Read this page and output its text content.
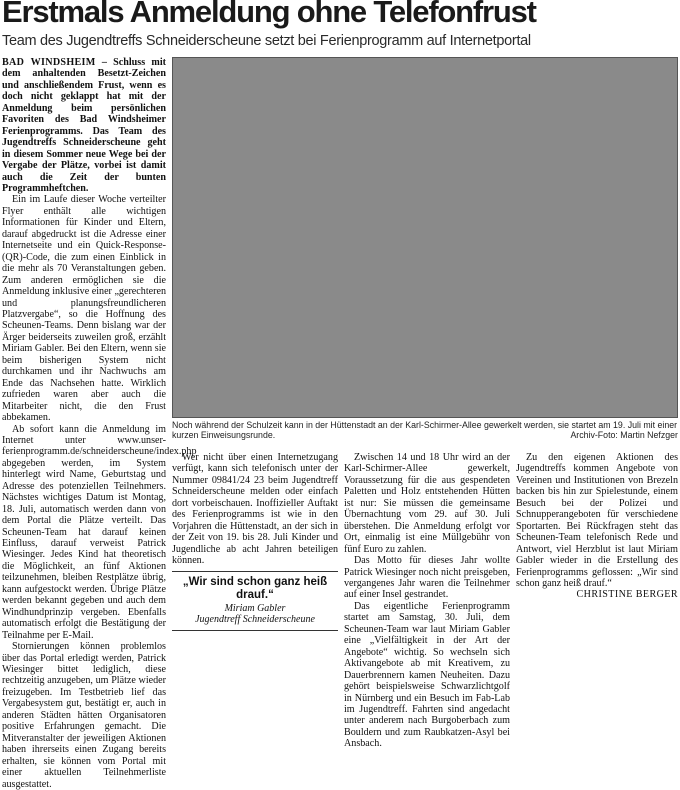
Erstmals Anmeldung ohne Telefonfrust
Team des Jugendtreffs Schneiderscheune setzt bei Ferienprogramm auf Internetportal

BAD WINDSHEIM – Schluss mit dem anhaltenden Besetzt-Zeichen und anschließendem Frust, wenn es doch nicht geklappt hat mit der Anmeldung beim persönlichen Favoriten des Bad Windsheimer Ferienprogramms. Das Team des Jugendtreffs Schneiderscheune geht in diesem Sommer neue Wege bei der Vergabe der Plätze, vorbei ist damit auch die Zeit der bunten Programmheftchen.

Ein im Laufe dieser Woche verteilter Flyer enthält alle wichtigen Informationen für Kinder und Eltern, darauf abgedruckt ist die Adresse einer Internetseite und ein Quick-Response-(QR)-Code, die zum einen Einblick in die mehr als 70 Veranstaltungen geben. Zum anderen ermöglichen sie die Anmeldung inklusive einer „gerechteren und planungsfreundlicheren Platzvergabe“, so die Hoffnung des Scheunen-Teams. Denn bislang war der Ärger beiderseits zuweilen groß, erzählt Miriam Gabler. Bei den Eltern, wenn sie beim bisherigen System nicht durchkamen und ihr Nachwuchs am Ende das Nachsehen hatte. Wirklich zufrieden waren aber auch die Mitarbeiter nicht, die den Frust abbekamen.

Ab sofort kann die Anmeldung im Internet unter www.unser-ferienprogramm.de/schneiderscheune/index.php abgegeben werden, im System hinterlegt wird Name, Geburtstag und Adresse des potenziellen Teilnehmers. Nächstes wichtiges Datum ist Montag, 18. Juli, automatisch werden dann von dem Portal die Plätze verteilt. Das Scheunen-Team hat darauf keinen Einfluss, darauf verweist Patrick Wiesinger. Jedes Kind hat theoretisch die Möglichkeit, an fünf Aktionen teilzunehmen, bleiben Restplätze übrig, kann aufgestockt werden. Übrige Plätze werden bekannt gegeben und auch dem Windhundprinzip vergeben. Ebenfalls automatisch erfolgt die Bestätigung der Teilnahme per E-Mail.

Stornierungen können problemlos über das Portal erledigt werden, Patrick Wiesinger bittet lediglich, diese rechtzeitig anzugeben, um Plätze wieder freizugeben. Im Testbetrieb lief das Vergabesystem gut, bestätigt er, auch in anderen Städten hätten Organisatoren positive Erfahrungen gemacht. Die Mitveranstalter der jeweiligen Aktionen haben ihrerseits einen Zugang bereits erhalten, sie können vom Portal mit einer aktuellen Teilnehmerliste ausgestattet.

Noch während der Schulzeit kann in der Hüttenstadt an der Karl-Schirmer-Allee gewerkelt werden, sie startet am 19. Juli mit einer kurzen Einweisungsrunde.	Archiv-Foto: Martin Nefzger

Wer nicht über einen Internetzugang verfügt, kann sich telefonisch unter der Nummer 09841/24 23 beim Jugendtreff Schneiderscheune melden oder einfach dort vorbeischauen. Inoffizieller Auftakt des Ferienprogramms ist wie in den Vorjahren die Hüttenstadt, an der sich in der Zeit von 19. bis 28. Juli Kinder und Jugendliche ab acht Jahren beteiligen können.

„Wir sind schon ganz heiß drauf.“
Miriam Gabler
Jugendtreff Schneiderscheune

Zwischen 14 und 18 Uhr wird an der Karl-Schirmer-Allee gewerkelt, Voraussetzung für die aus gespendeten Paletten und Holz entstehenden Hütten ist nur: Sie müssen die gemeinsame Übernachtung vom 29. auf 30. Juli überstehen. Die Anmeldung erfolgt vor Ort, einmalig ist eine Müllgebühr von fünf Euro zu zahlen.

Das Motto für dieses Jahr wollte Patrick Wiesinger noch nicht preisgeben, vergangenes Jahr waren die Teilnehmer auf einer Insel gestrandet.

Das eigentliche Ferienprogramm startet am Samstag, 30. Juli, dem Scheunen-Team war laut Miriam Gabler eine „Vielfältigkeit in der Art der Angebote“ wichtig. So wechseln sich Aktivangebote ab mit Kreativem, zu Dauerbrennern kamen Neuheiten. Dazu gehört beispielsweise Schwarzlichtgolf in Nürnberg und ein Besuch im Fab-Lab im Jugendtreff. Fahrten sind angedacht unter anderem nach Burgoberbach zum Bouldern und zum Raubkatzen-Asyl bei Ansbach.

Zu den eigenen Aktionen des Jugendtreffs kommen Angebote von Vereinen und Institutionen von Brezeln backen bis hin zur Spielestunde, einem Besuch bei der Polizei und Schnupperangeboten für verschiedene Sportarten. Bei Rückfragen steht das Scheunen-Team telefonisch Rede und Antwort, viel Herzblut ist laut Miriam Gabler wieder in die Erstellung des Ferienprogramms geflossen: „Wir sind schon ganz heiß drauf.“

CHRISTINE BERGER
